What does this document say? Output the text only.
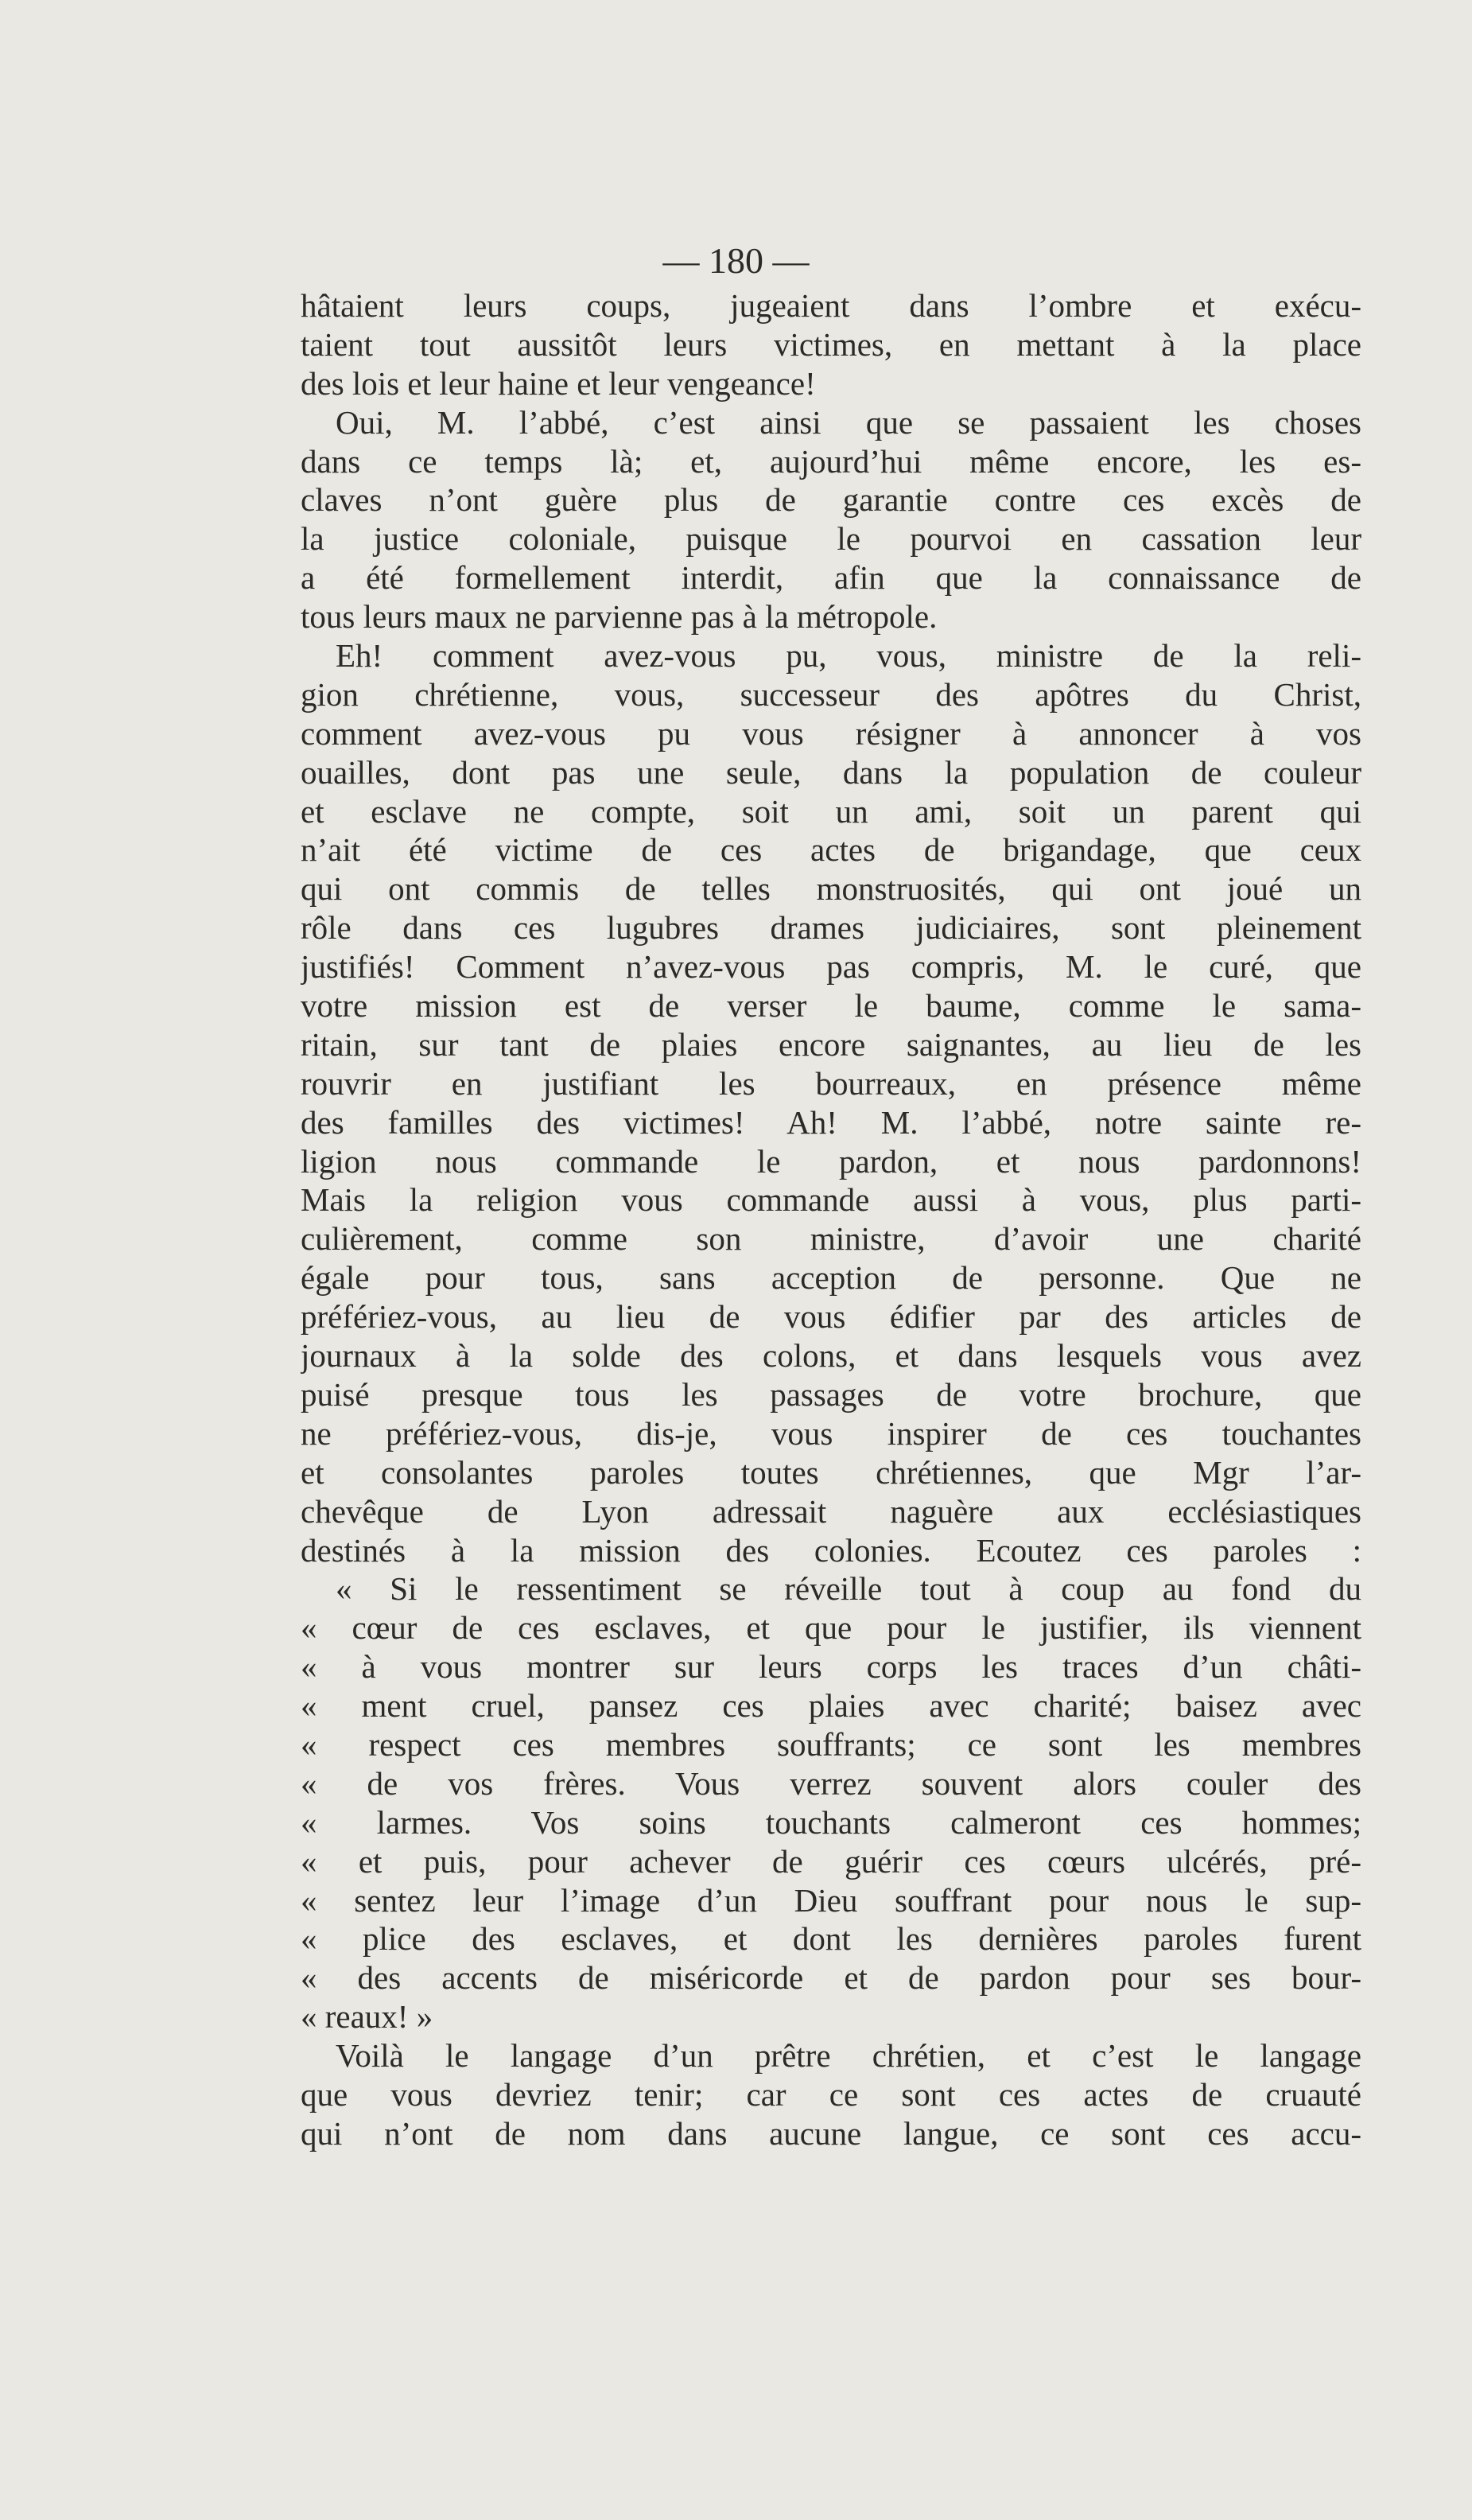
— 180 —
hâtaient leurs coups, jugeaient dans l’ombre et exécu-
taient tout aussitôt leurs victimes, en mettant à la place
des lois et leur haine et leur vengeance!
Oui, M. l’abbé, c’est ainsi que se passaient les choses
dans ce temps là; et, aujourd’hui même encore, les es-
claves n’ont guère plus de garantie contre ces excès de
la justice coloniale, puisque le pourvoi en cassation leur
a été formellement interdit, afin que la connaissance de
tous leurs maux ne parvienne pas à la métropole.
Eh! comment avez-vous pu, vous, ministre de la reli-
gion chrétienne, vous, successeur des apôtres du Christ,
comment avez-vous pu vous résigner à annoncer à vos
ouailles, dont pas une seule, dans la population de couleur
et esclave ne compte, soit un ami, soit un parent qui
n’ait été victime de ces actes de brigandage, que ceux
qui ont commis de telles monstruosités, qui ont joué un
rôle dans ces lugubres drames judiciaires, sont pleinement
justifiés! Comment n’avez-vous pas compris, M. le curé, que
votre mission est de verser le baume, comme le sama-
ritain, sur tant de plaies encore saignantes, au lieu de les
rouvrir en justifiant les bourreaux, en présence même
des familles des victimes! Ah! M. l’abbé, notre sainte re-
ligion nous commande le pardon, et nous pardonnons!
Mais la religion vous commande aussi à vous, plus parti-
culièrement, comme son ministre, d’avoir une charité
égale pour tous, sans acception de personne. Que ne
préfériez-vous, au lieu de vous édifier par des articles de
journaux à la solde des colons, et dans lesquels vous avez
puisé presque tous les passages de votre brochure, que
ne préfériez-vous, dis-je, vous inspirer de ces touchantes
et consolantes paroles toutes chrétiennes, que Mgr l’ar-
chevêque de Lyon adressait naguère aux ecclésiastiques
destinés à la mission des colonies. Ecoutez ces paroles :
« Si le ressentiment se réveille tout à coup au fond du
« cœur de ces esclaves, et que pour le justifier, ils viennent
« à vous montrer sur leurs corps les traces d’un châti-
« ment cruel, pansez ces plaies avec charité; baisez avec
« respect ces membres souffrants; ce sont les membres
« de vos frères. Vous verrez souvent alors couler des
« larmes. Vos soins touchants calmeront ces hommes;
« et puis, pour achever de guérir ces cœurs ulcérés, pré-
« sentez leur l’image d’un Dieu souffrant pour nous le sup-
« plice des esclaves, et dont les dernières paroles furent
« des accents de miséricorde et de pardon pour ses bour-
« reaux! »
Voilà le langage d’un prêtre chrétien, et c’est le langage
que vous devriez tenir; car ce sont ces actes de cruauté
qui n’ont de nom dans aucune langue, ce sont ces accu-
